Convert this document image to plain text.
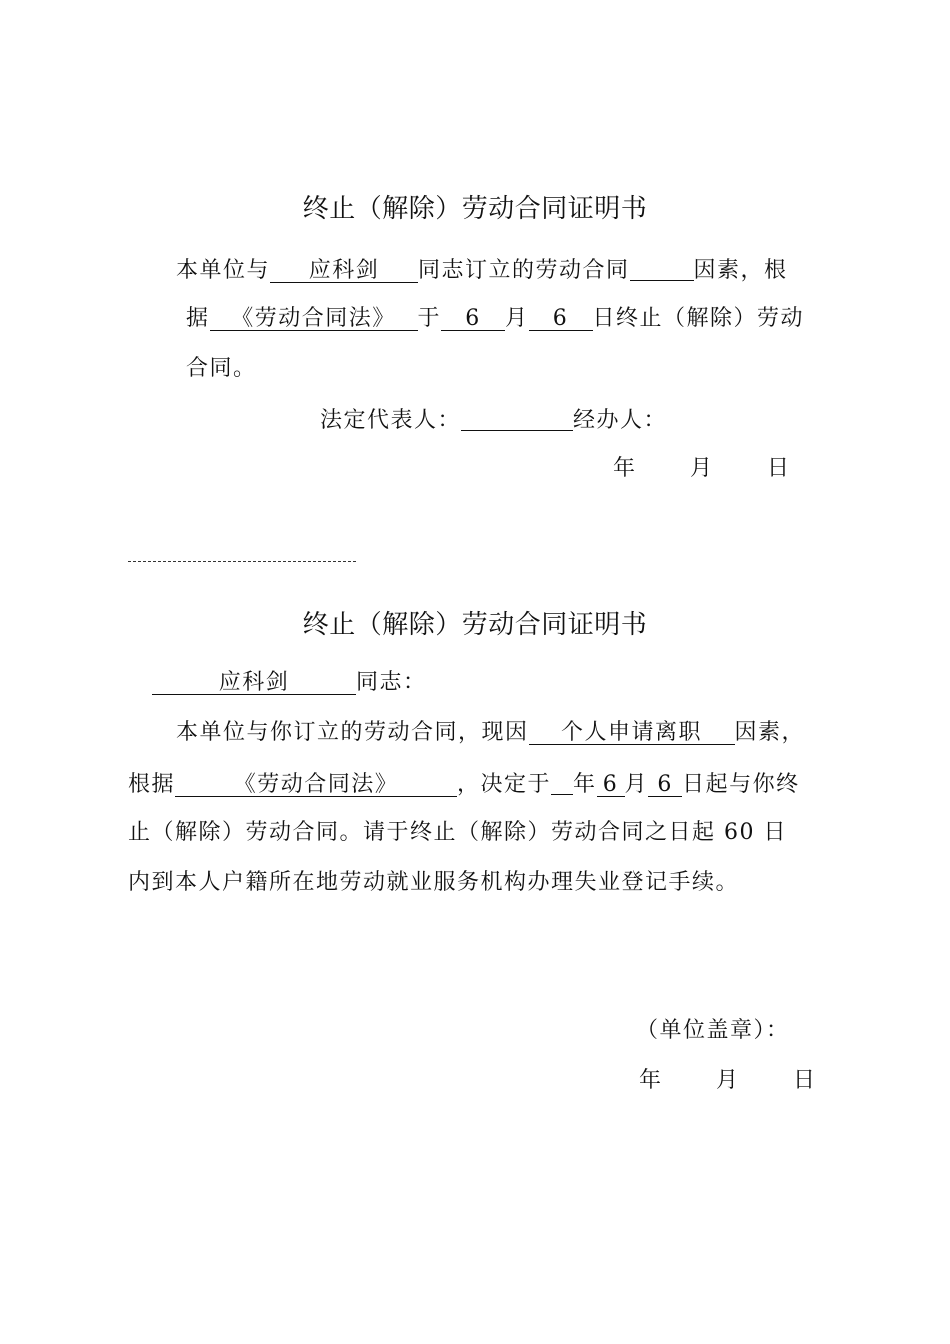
终止（解除）劳动合同证明书
本单位与 应科剑 同志订立的劳动合同	因素，根
据 《劳动合同法》 于 6 月 6 日终止（解除）劳动
合同。
法定代表人：	经办人：
年 月 日
终止（解除）劳动合同证明书
应科剑	同志：
本单位与你订立的劳动合同，现因 个人申请离职 因素，
根据	《劳动合同法》	，决定于 年 6 月 6 日起与你终
止（解除）劳动合同。请于终止（解除）劳动合同之日起 60 日
内到本人户籍所在地劳动就业服务机构办理失业登记手续。
（单位盖章）：
年 月 日
